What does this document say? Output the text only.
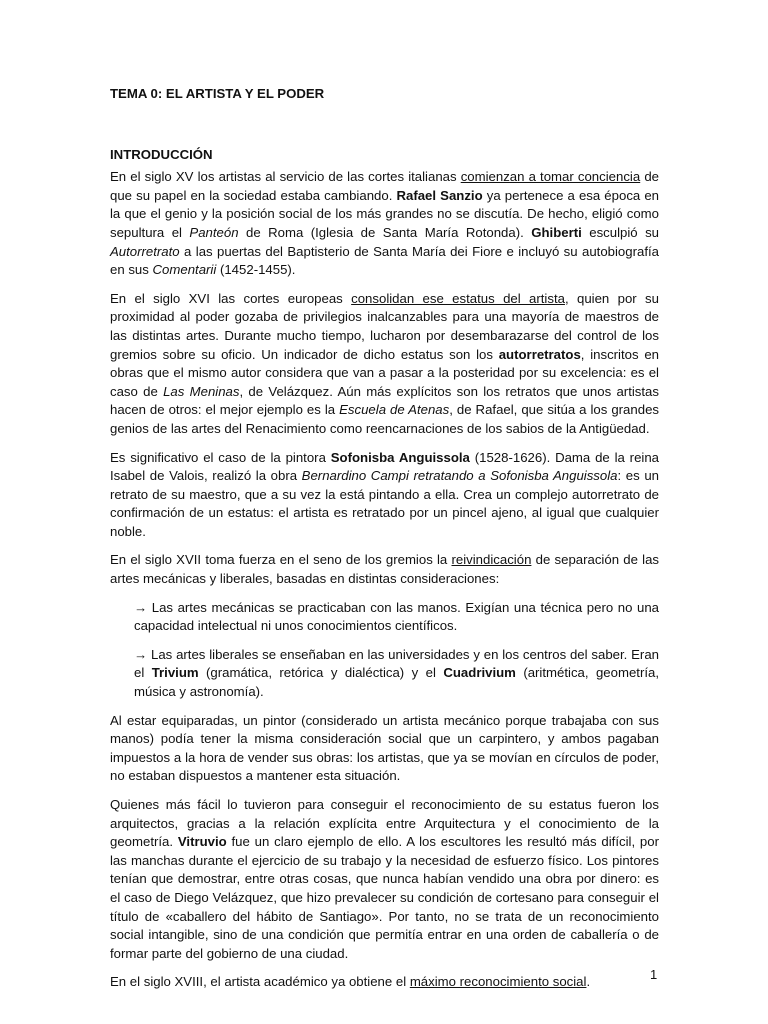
TEMA 0: EL ARTISTA Y EL PODER
INTRODUCCIÓN

En el siglo XV los artistas al servicio de las cortes italianas comienzan a tomar conciencia de que su papel en la sociedad estaba cambiando. Rafael Sanzio ya pertenece a esa época en la que el genio y la posición social de los más grandes no se discutía. De hecho, eligió como sepultura el Panteón de Roma (Iglesia de Santa María Rotonda). Ghiberti esculpió su Autorretrato a las puertas del Baptisterio de Santa María dei Fiore e incluyó su autobiografía en sus Comentarii (1452-1455).

En el siglo XVI las cortes europeas consolidan ese estatus del artista, quien por su proximidad al poder gozaba de privilegios inalcanzables para una mayoría de maestros de las distintas artes. Durante mucho tiempo, lucharon por desembarazarse del control de los gremios sobre su oficio. Un indicador de dicho estatus son los autorretratos, inscritos en obras que el mismo autor considera que van a pasar a la posteridad por su excelencia: es el caso de Las Meninas, de Velázquez. Aún más explícitos son los retratos que unos artistas hacen de otros: el mejor ejemplo es la Escuela de Atenas, de Rafael, que sitúa a los grandes genios de las artes del Renacimiento como reencarnaciones de los sabios de la Antigüedad.

Es significativo el caso de la pintora Sofonisba Anguissola (1528-1626). Dama de la reina Isabel de Valois, realizó la obra Bernardino Campi retratando a Sofonisba Anguissola: es un retrato de su maestro, que a su vez la está pintando a ella. Crea un complejo autorretrato de confirmación de un estatus: el artista es retratado por un pincel ajeno, al igual que cualquier noble.

En el siglo XVII toma fuerza en el seno de los gremios la reivindicación de separación de las artes mecánicas y liberales, basadas en distintas consideraciones:

→ Las artes mecánicas se practicaban con las manos. Exigían una técnica pero no una capacidad intelectual ni unos conocimientos científicos.

→ Las artes liberales se enseñaban en las universidades y en los centros del saber. Eran el Trivium (gramática, retórica y dialéctica) y el Cuadrivium (aritmética, geometría, música y astronomía).

Al estar equiparadas, un pintor (considerado un artista mecánico porque trabajaba con sus manos) podía tener la misma consideración social que un carpintero, y ambos pagaban impuestos a la hora de vender sus obras: los artistas, que ya se movían en círculos de poder, no estaban dispuestos a mantener esta situación.

Quienes más fácil lo tuvieron para conseguir el reconocimiento de su estatus fueron los arquitectos, gracias a la relación explícita entre Arquitectura y el conocimiento de la geometría. Vitruvio fue un claro ejemplo de ello. A los escultores les resultó más difícil, por las manchas durante el ejercicio de su trabajo y la necesidad de esfuerzo físico. Los pintores tenían que demostrar, entre otras cosas, que nunca habían vendido una obra por dinero: es el caso de Diego Velázquez, que hizo prevalecer su condición de cortesano para conseguir el título de «caballero del hábito de Santiago». Por tanto, no se trata de un reconocimiento social intangible, sino de una condición que permitía entrar en una orden de caballería o de formar parte del gobierno de una ciudad.

En el siglo XVIII, el artista académico ya obtiene el máximo reconocimiento social.	1
